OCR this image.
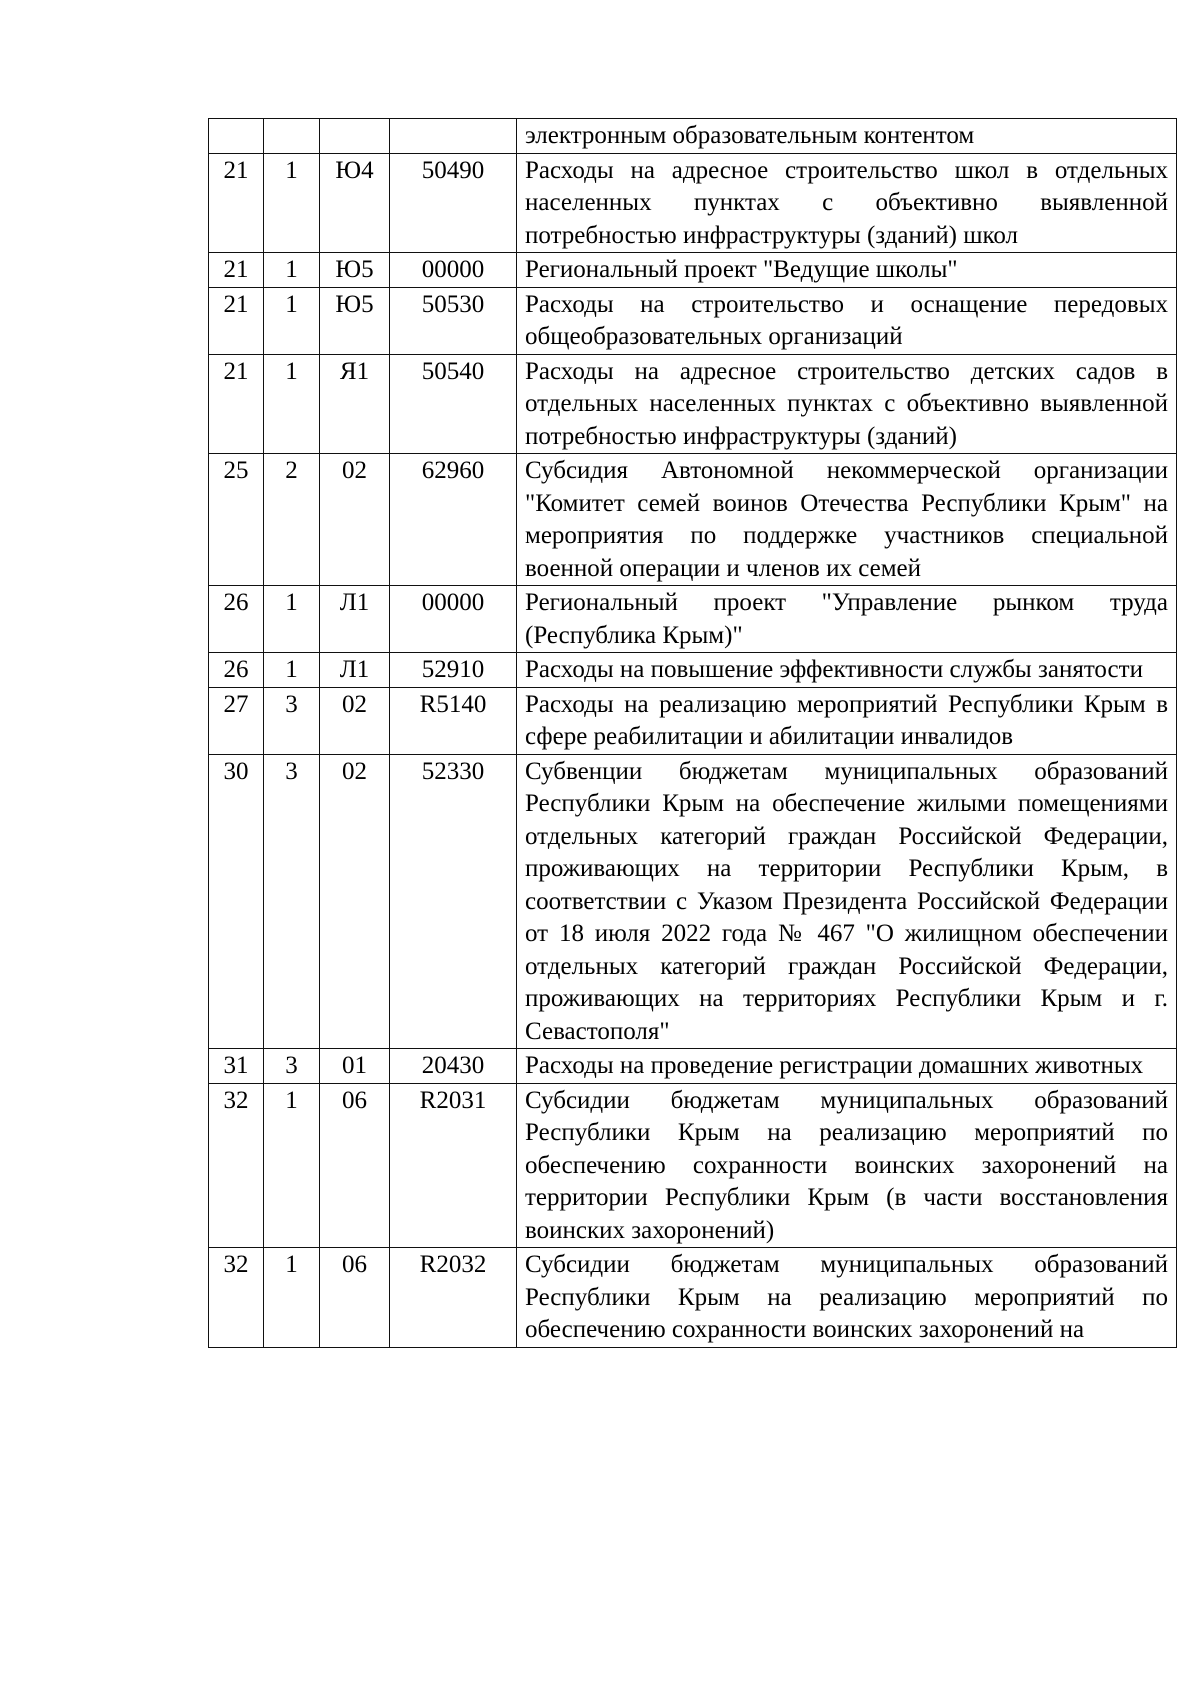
				электронным образовательным контентом
21	1	Ю4	50490	Расходы на адресное строительство школ в отдельных населенных пунктах с объективно выявленной потребностью инфраструктуры (зданий) школ
21	1	Ю5	00000	Региональный проект "Ведущие школы"
21	1	Ю5	50530	Расходы на строительство и оснащение передовых общеобразовательных организаций
21	1	Я1	50540	Расходы на адресное строительство детских садов в отдельных населенных пунктах с объективно выявленной потребностью инфраструктуры (зданий)
25	2	02	62960	Субсидия Автономной некоммерческой организации "Комитет семей воинов Отечества Республики Крым" на мероприятия по поддержке участников специальной военной операции и членов их семей
26	1	Л1	00000	Региональный проект "Управление рынком труда (Республика Крым)"
26	1	Л1	52910	Расходы на повышение эффективности службы занятости
27	3	02	R5140	Расходы на реализацию мероприятий Республики Крым в сфере реабилитации и абилитации инвалидов
30	3	02	52330	Субвенции бюджетам муниципальных образований Республики Крым на обеспечение жилыми помещениями отдельных категорий граждан Российской Федерации, проживающих на территории Республики Крым, в соответствии с Указом Президента Российской Федерации от 18 июля 2022 года № 467 "О жилищном обеспечении отдельных категорий граждан Российской Федерации, проживающих на территориях Республики Крым и г. Севастополя"
31	3	01	20430	Расходы на проведение регистрации домашних животных
32	1	06	R2031	Субсидии бюджетам муниципальных образований Республики Крым на реализацию мероприятий по обеспечению сохранности воинских захоронений на территории Республики Крым (в части восстановления воинских захоронений)
32	1	06	R2032	Субсидии бюджетам муниципальных образований Республики Крым на реализацию мероприятий по обеспечению сохранности воинских захоронений на
